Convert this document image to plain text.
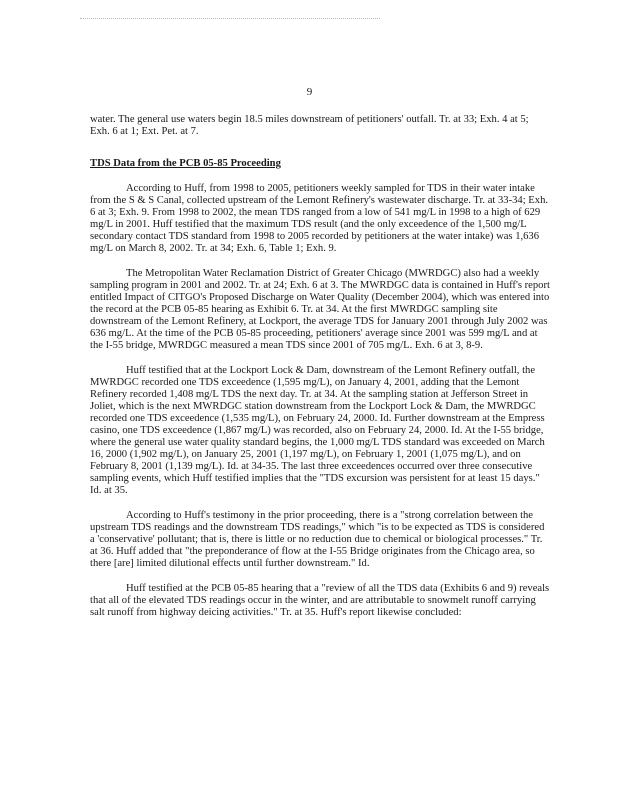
9

water. The general use waters begin 18.5 miles downstream of petitioners' outfall. Tr. at 33; Exh. 4 at 5; Exh. 6 at 1; Ext. Pet. at 7.

TDS Data from the PCB 05-85 Proceeding

According to Huff, from 1998 to 2005, petitioners weekly sampled for TDS in their water intake from the S & S Canal, collected upstream of the Lemont Refinery's wastewater discharge. Tr. at 33-34; Exh. 6 at 3; Exh. 9. From 1998 to 2002, the mean TDS ranged from a low of 541 mg/L in 1998 to a high of 629 mg/L in 2001. Huff testified that the maximum TDS result (and the only exceedence of the 1,500 mg/L secondary contact TDS standard from 1998 to 2005 recorded by petitioners at the water intake) was 1,636 mg/L on March 8, 2002. Tr. at 34; Exh. 6, Table 1; Exh. 9.

The Metropolitan Water Reclamation District of Greater Chicago (MWRDGC) also had a weekly sampling program in 2001 and 2002. Tr. at 24; Exh. 6 at 3. The MWRDGC data is contained in Huff's report entitled Impact of CITGO's Proposed Discharge on Water Quality (December 2004), which was entered into the record at the PCB 05-85 hearing as Exhibit 6. Tr. at 34. At the first MWRDGC sampling site downstream of the Lemont Refinery, at Lockport, the average TDS for January 2001 through July 2002 was 636 mg/L. At the time of the PCB 05-85 proceeding, petitioners' average since 2001 was 599 mg/L and at the I-55 bridge, MWRDGC measured a mean TDS since 2001 of 705 mg/L. Exh. 6 at 3, 8-9.

Huff testified that at the Lockport Lock & Dam, downstream of the Lemont Refinery outfall, the MWRDGC recorded one TDS exceedence (1,595 mg/L), on January 4, 2001, adding that the Lemont Refinery recorded 1,408 mg/L TDS the next day. Tr. at 34. At the sampling station at Jefferson Street in Joliet, which is the next MWRDGC station downstream from the Lockport Lock & Dam, the MWRDGC recorded one TDS exceedence (1,535 mg/L), on February 24, 2000. Id. Further downstream at the Empress casino, one TDS exceedence (1,867 mg/L) was recorded, also on February 24, 2000. Id. At the I-55 bridge, where the general use water quality standard begins, the 1,000 mg/L TDS standard was exceeded on March 16, 2000 (1,902 mg/L), on January 25, 2001 (1,197 mg/L), on February 1, 2001 (1,075 mg/L), and on February 8, 2001 (1,139 mg/L). Id. at 34-35. The last three exceedences occurred over three consecutive sampling events, which Huff testified implies that the "TDS excursion was persistent for at least 15 days." Id. at 35.

According to Huff's testimony in the prior proceeding, there is a "strong correlation between the upstream TDS readings and the downstream TDS readings," which "is to be expected as TDS is considered a 'conservative' pollutant; that is, there is little or no reduction due to chemical or biological processes." Tr. at 36. Huff added that "the preponderance of flow at the I-55 Bridge originates from the Chicago area, so there [are] limited dilutional effects until further downstream." Id.

Huff testified at the PCB 05-85 hearing that a "review of all the TDS data (Exhibits 6 and 9) reveals that all of the elevated TDS readings occur in the winter, and are attributable to snowmelt runoff carrying salt runoff from highway deicing activities." Tr. at 35. Huff's report likewise concluded:
